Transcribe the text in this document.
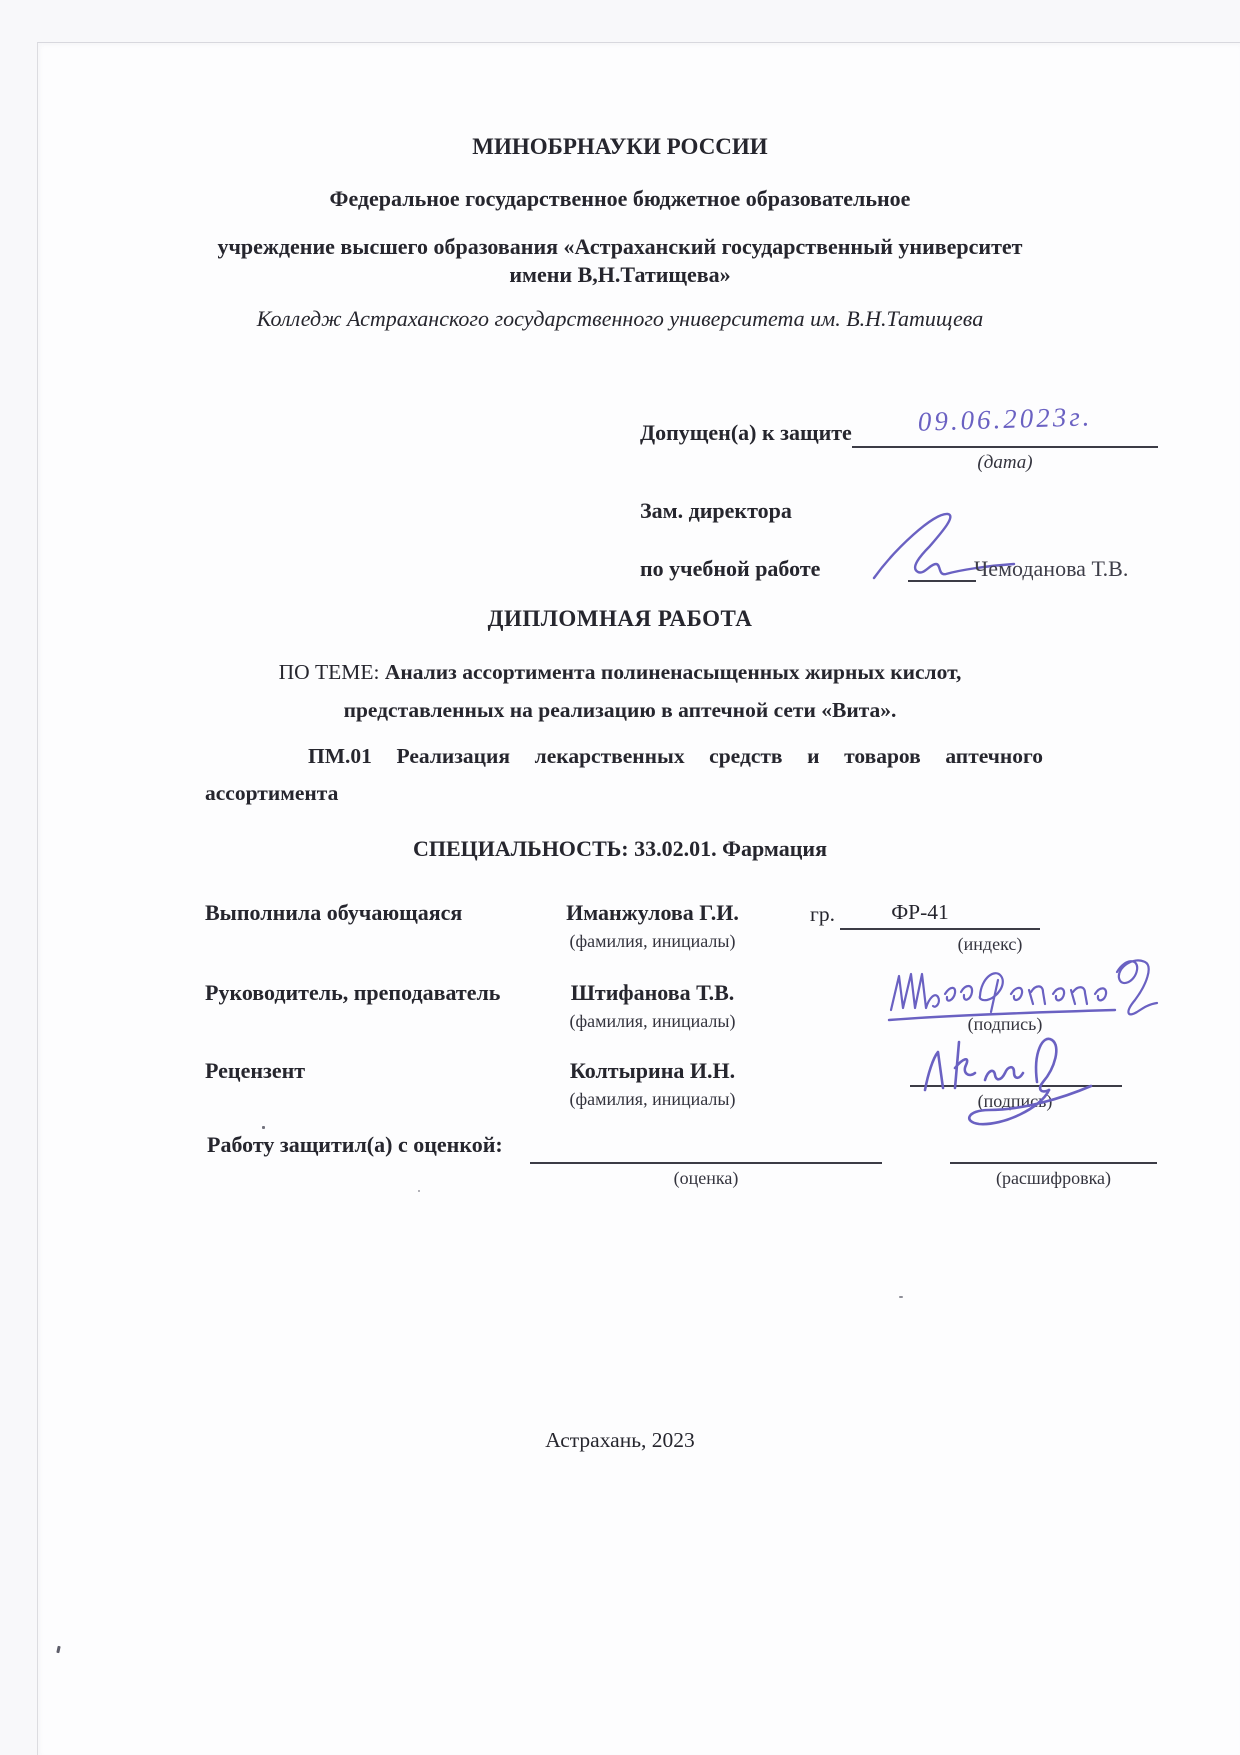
МИНОБРНАУКИ РОССИИ
Федеральное государственное бюджетное образовательное
учреждение высшего образования «Астраханский государственный университет
имени В,Н.Татищева»
Колледж Астраханского государственного университета им. В.Н.Татищева
Допущен(а) к защите	09.06.2023г.
(дата)
Зам. директора
по учебной работе	Чемоданова Т.В.
ДИПЛОМНАЯ РАБОТА
ПО ТЕМЕ: Анализ ассортимента полиненасыщенных жирных кислот,
представленных на реализацию в аптечной сети «Вита».
ПМ.01 Реализация лекарственных средств и товаров аптечного
ассортимента
СПЕЦИАЛЬНОСТЬ: 33.02.01. Фармация
Выполнила обучающаяся	Иманжулова Г.И.
(фамилия, инициалы)
гр.	ФР-41
(индекс)
Руководитель, преподаватель	Штифанова Т.В.
(фамилия, инициалы)	(подпись)
Рецензент	Колтырина И.Н.
(фамилия, инициалы)	(подпись)
Работу защитил(а) с оценкой:
(оценка)	(расшифровка)
Астрахань, 2023
